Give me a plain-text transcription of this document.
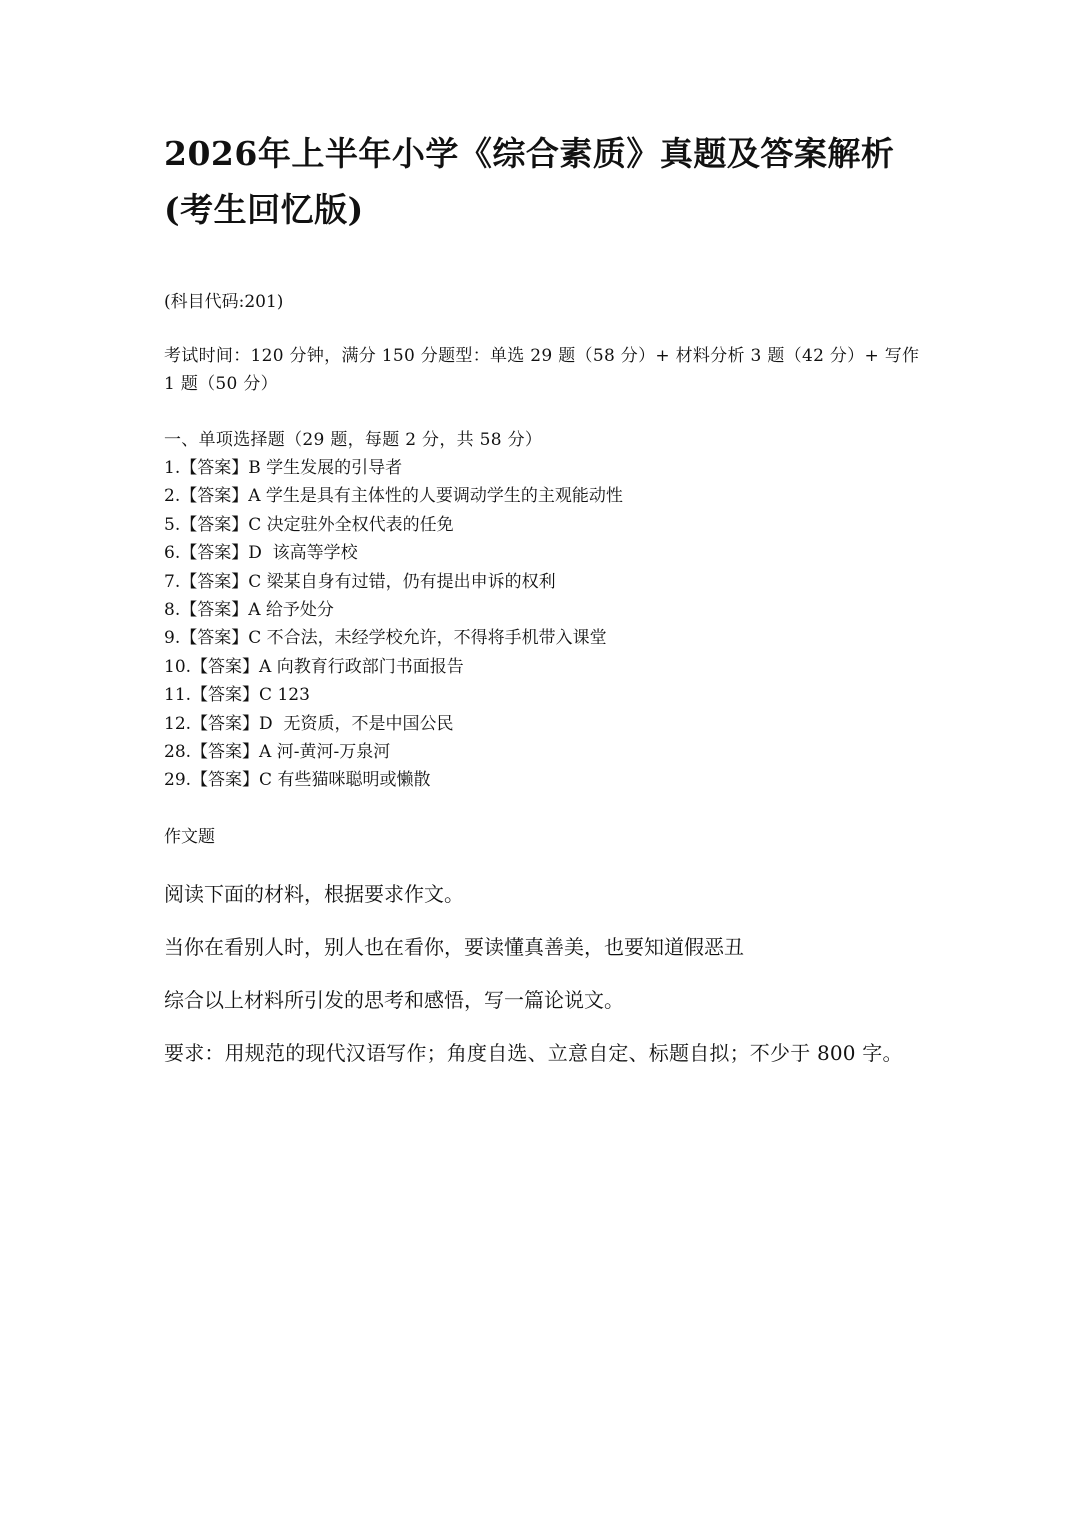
2026年上半年小学《综合素质》真题及答案解析(考生回忆版)
(科目代码:201)
考试时间：120 分钟，满分 150 分题型：单选 29 题（58 分）+ 材料分析 3 题（42 分）+ 写作 1 题（50 分）
一、单项选择题（29 题，每题 2 分，共 58 分）
1.【答案】B 学生发展的引导者
2.【答案】A 学生是具有主体性的人要调动学生的主观能动性
5.【答案】C 决定驻外全权代表的任免
6.【答案】D  该高等学校
7.【答案】C 梁某自身有过错，仍有提出申诉的权利
8.【答案】A 给予处分
9.【答案】C 不合法，未经学校允许，不得将手机带入课堂
10.【答案】A 向教育行政部门书面报告
11.【答案】C 123
12.【答案】D  无资质，不是中国公民
28.【答案】A 河-黄河-万泉河
29.【答案】C 有些猫咪聪明或懒散
作文题

阅读下面的材料，根据要求作文。

当你在看别人时，别人也在看你，要读懂真善美，也要知道假恶丑

综合以上材料所引发的思考和感悟，写一篇论说文。

要求：用规范的现代汉语写作；角度自选、立意自定、标题自拟；不少于 800 字。
